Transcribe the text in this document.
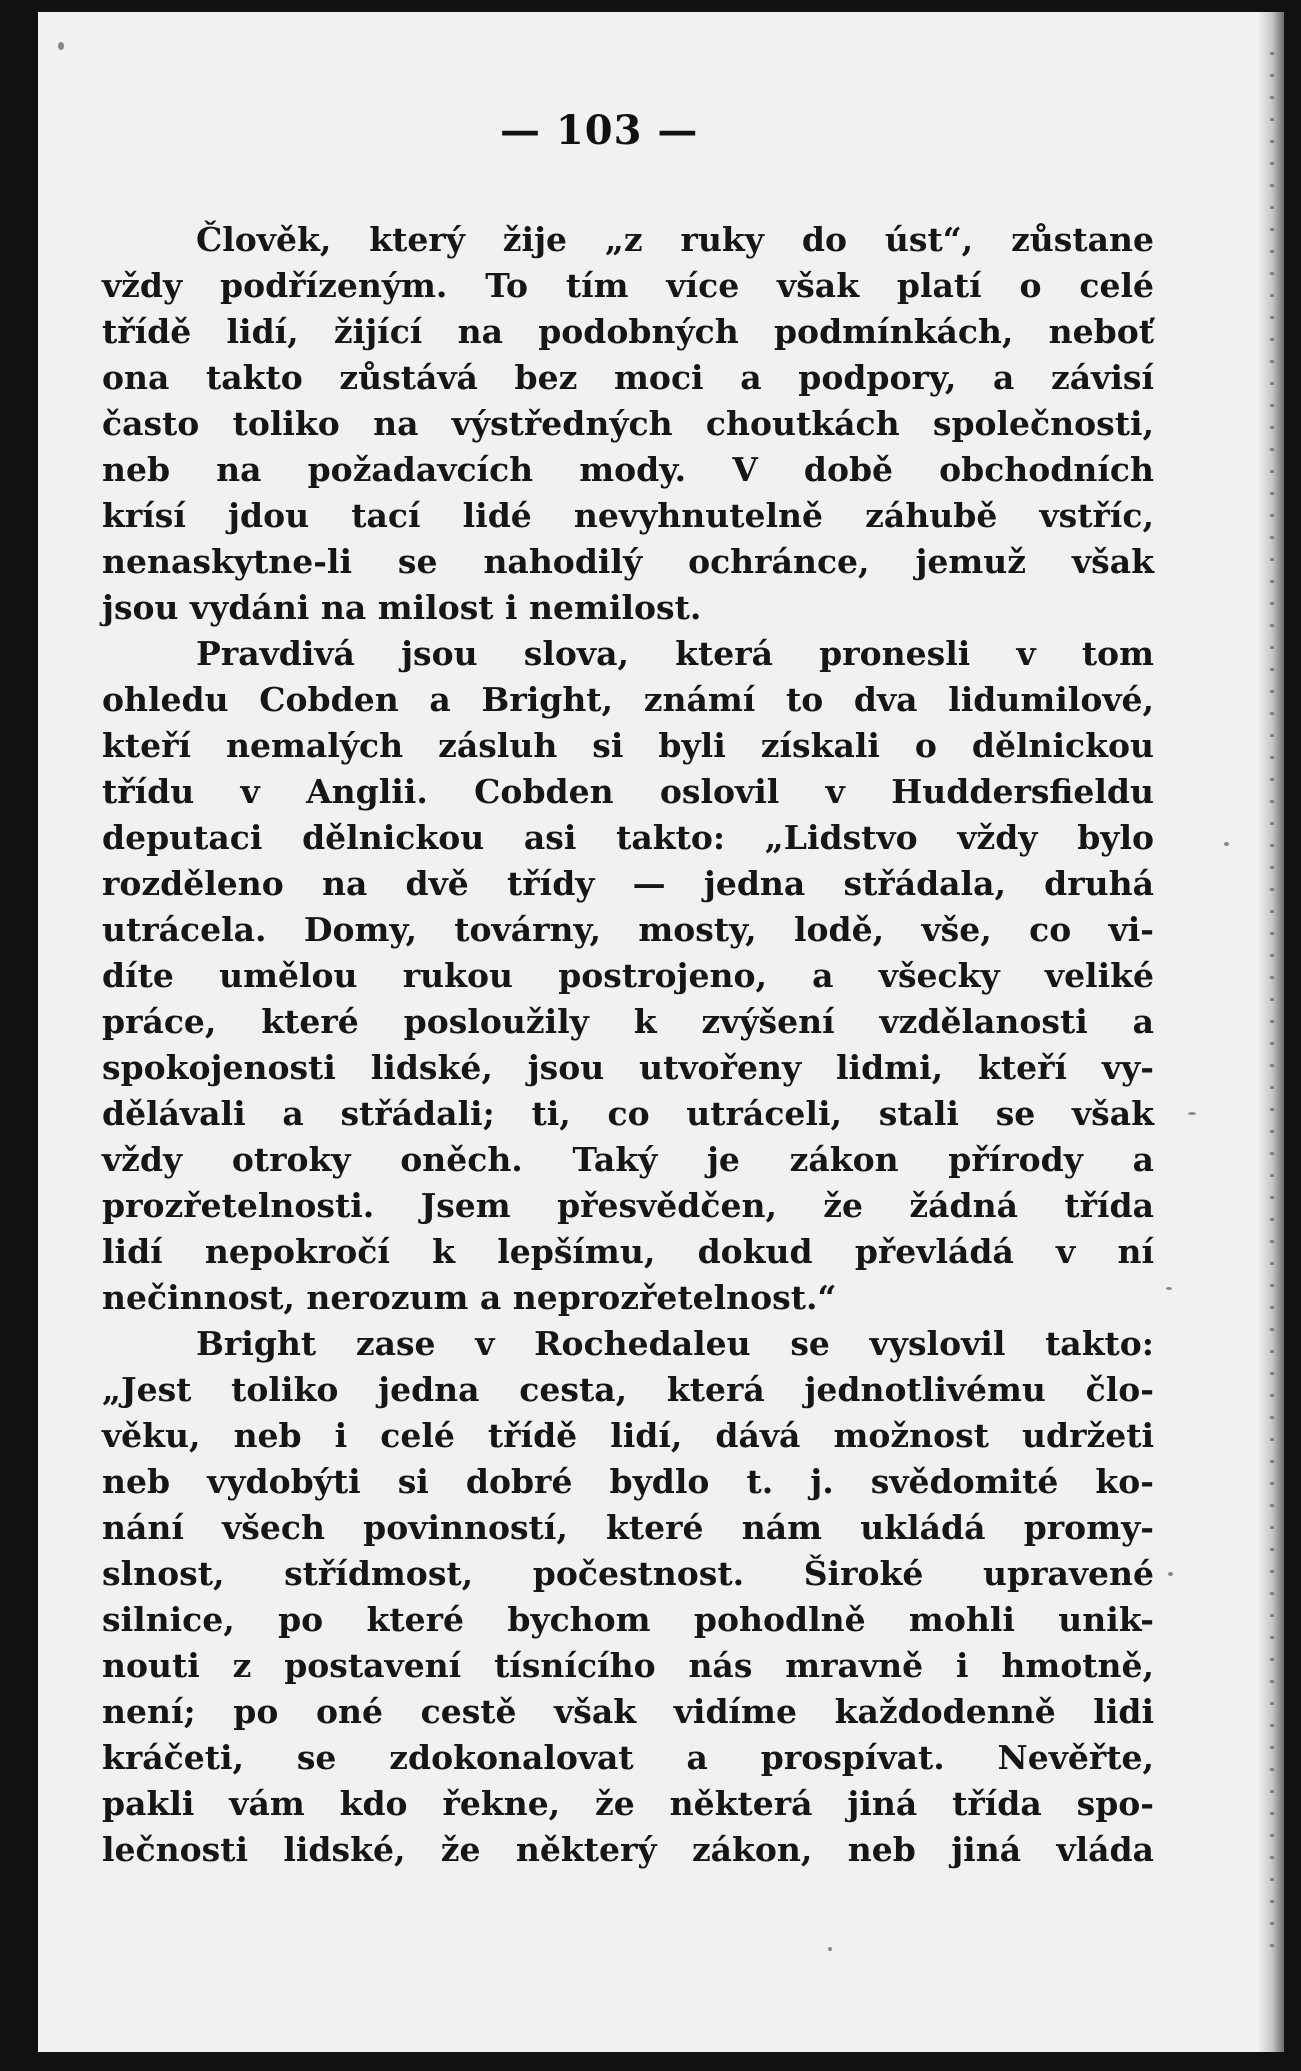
— 103 —

Člověk, který žije „z ruky do úst“, zůstane

vždy podřízeným. To tím více však platí o celé

třídě lidí, žijící na podobných podmínkách, neboť

ona takto zůstává bez moci a podpory, a závisí

často toliko na výstředných choutkách společnosti,

neb na požadavcích mody. V době obchodních

krísí jdou tací lidé nevyhnutelně záhubě vstříc,

nenaskytne-li se nahodilý ochránce, jemuž však

jsou vydáni na milost i nemilost.

Pravdivá jsou slova, která pronesli v tom

ohledu Cobden a Bright, známí to dva lidumilové,

kteří nemalých zásluh si byli získali o dělnickou

třídu v Anglii. Cobden oslovil v Huddersfieldu

deputaci dělnickou asi takto: „Lidstvo vždy bylo

rozděleno na dvě třídy — jedna střádala, druhá

utrácela. Domy, továrny, mosty, lodě, vše, co vi-

díte umělou rukou postrojeno, a všecky veliké

práce, které posloužily k zvýšení vzdělanosti a

spokojenosti lidské, jsou utvořeny lidmi, kteří vy-

dělávali a střádali; ti, co utráceli, stali se však

vždy otroky oněch. Taký je zákon přírody a

prozřetelnosti. Jsem přesvědčen, že žádná třída

lidí nepokročí k lepšímu, dokud převládá v ní

nečinnost, nerozum a neprozřetelnost.“

Bright zase v Rochedaleu se vyslovil takto:

„Jest toliko jedna cesta, která jednotlivému člo-

věku, neb i celé třídě lidí, dává možnost udržeti

neb vydobýti si dobré bydlo t. j. svědomité ko-

nání všech povinností, které nám ukládá promy-

slnost, střídmost, počestnost. Široké upravené

silnice, po které bychom pohodlně mohli unik-

nouti z postavení tísnícího nás mravně i hmotně,

není; po oné cestě však vidíme každodenně lidi

kráčeti, se zdokonalovat a prospívat. Nevěřte,

pakli vám kdo řekne, že některá jiná třída spo-

lečnosti lidské, že některý zákon, neb jiná vláda
